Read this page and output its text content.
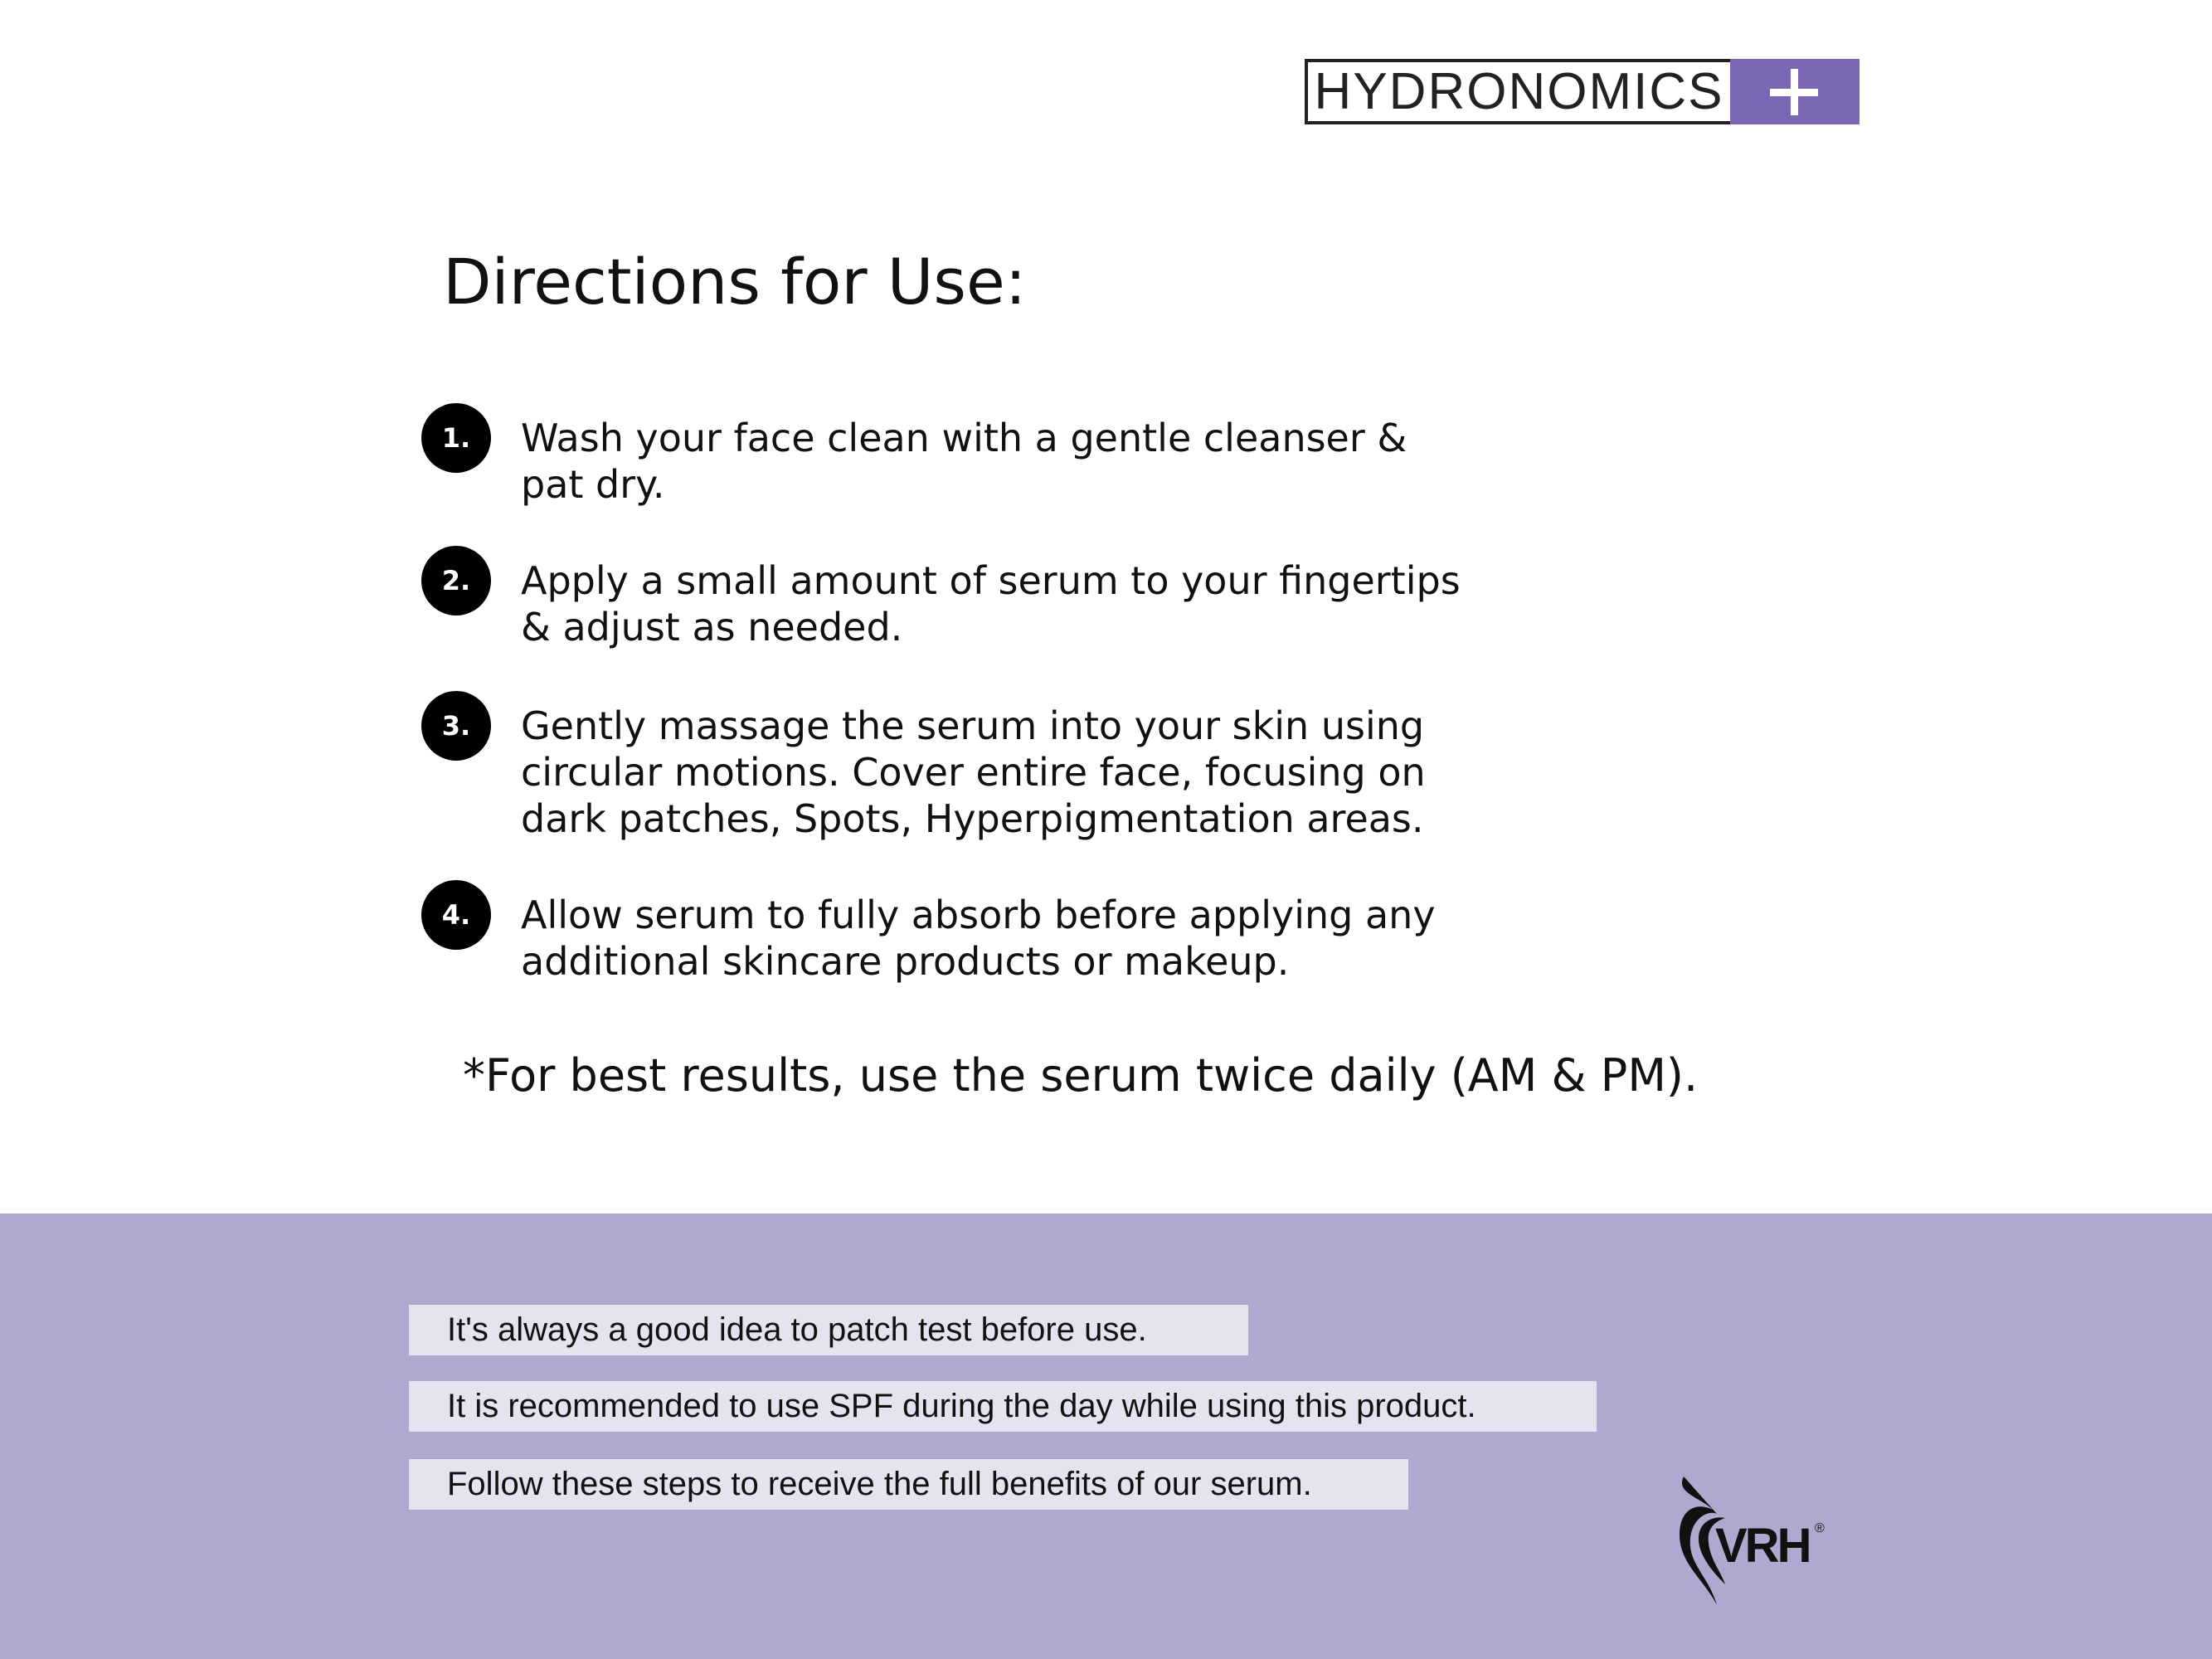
HYDRONOMICS
Directions for Use:
1.	Wash your face clean with a gentle cleanser & pat dry.
2.	Apply a small amount of serum to your fingertips & adjust as needed.
3.	Gently massage the serum into your skin using circular motions. Cover entire face, focusing on dark patches, Spots, Hyperpigmentation areas.
4.	Allow serum to fully absorb before applying any additional skincare products or makeup.
*For best results, use the serum twice daily (AM & PM).
It's always a good idea to patch test before use.
It is recommended to use SPF during the day while using this product.
Follow these steps to receive the full benefits of our serum.
VRH ®
